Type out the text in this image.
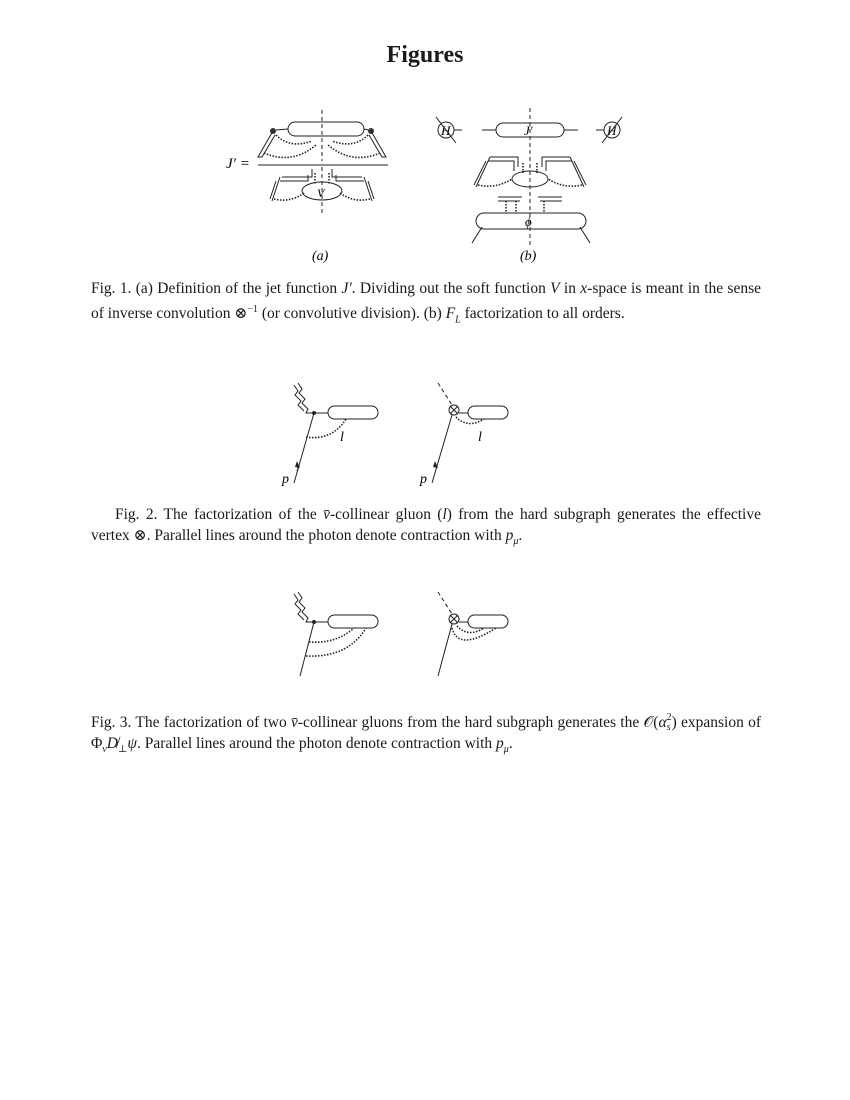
Figures
J′ =
V
(a)
H	H
J′
ϕ
(b)
Fig. 1. (a) Definition of the jet function J′. Dividing out the soft function V in x-space is meant in the sense of inverse convolution ⊗$^{-1}$ (or convolutive division). (b) $F_L$ factorization to all orders.
l
p
l
p
Fig. 2. The factorization of the v̄-collinear gluon (l) from the hard subgraph generates the effective vertex ⊗. Parallel lines around the photon denote contraction with $p_\mu$.
Fig. 3. The factorization of two v̄-collinear gluons from the hard subgraph generates the 𝒪(α 2
s ) expansion of $\Phi_vD̸_\perp\psi$. Parallel lines around the photon denote contraction with $p_\mu$.
